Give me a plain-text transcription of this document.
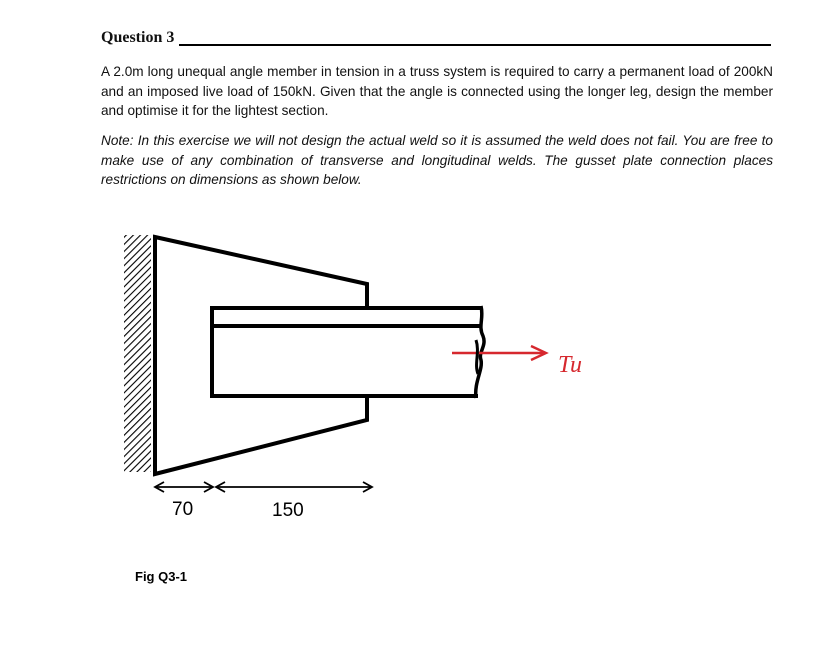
Question 3

A 2.0m long unequal angle member in tension in a truss system is required to carry a permanent load of 200kN and an imposed live load of 150kN. Given that the angle is connected using the longer leg, design the member and optimise it for the lightest section.

Note: In this exercise we will not design the actual weld so it is assumed the weld does not fail. You are free to make use of any combination of transverse and longitudinal welds. The gusset plate connection places restrictions on dimensions as shown below.

Tu
70	150
Fig Q3-1
